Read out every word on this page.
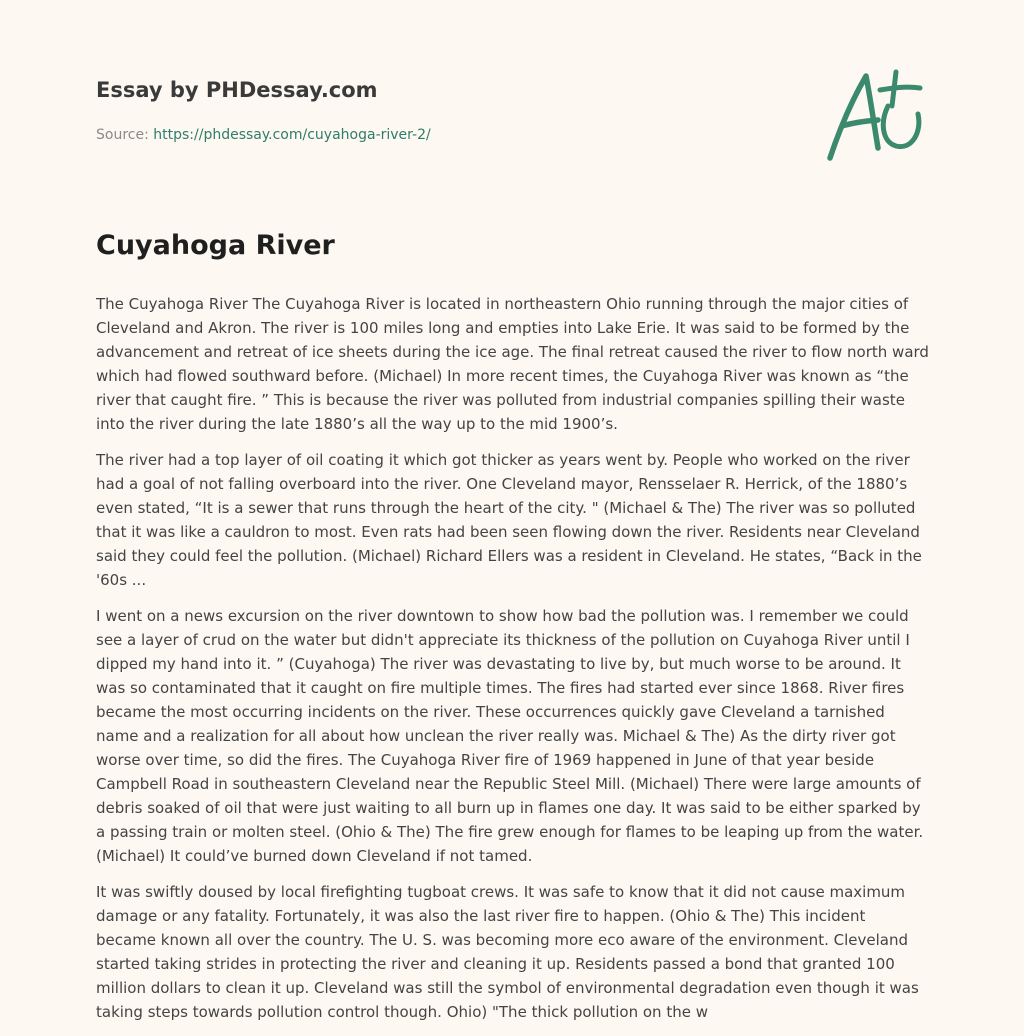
Essay by PHDessay.com
Source: https://phdessay.com/cuyahoga-river-2/
Cuyahoga River

The Cuyahoga River The Cuyahoga River is located in northeastern Ohio running through the major cities of Cleveland and Akron. The river is 100 miles long and empties into Lake Erie. It was said to be formed by the advancement and retreat of ice sheets during the ice age. The final retreat caused the river to flow north ward which had flowed southward before. (Michael) In more recent times, the Cuyahoga River was known as “the river that caught fire. ” This is because the river was polluted from industrial companies spilling their waste into the river during the late 1880’s all the way up to the mid 1900’s.

The river had a top layer of oil coating it which got thicker as years went by. People who worked on the river had a goal of not falling overboard into the river. One Cleveland mayor, Rensselaer R. Herrick, of the 1880’s even stated, “It is a sewer that runs through the heart of the city. " (Michael & The) The river was so polluted that it was like a cauldron to most. Even rats had been seen flowing down the river. Residents near Cleveland said they could feel the pollution. (Michael) Richard Ellers was a resident in Cleveland. He states, “Back in the '60s ...

I went on a news excursion on the river downtown to show how bad the pollution was. I remember we could see a layer of crud on the water but didn't appreciate its thickness of the pollution on Cuyahoga River until I dipped my hand into it. ” (Cuyahoga) The river was devastating to live by, but much worse to be around. It was so contaminated that it caught on fire multiple times. The fires had started ever since 1868. River fires became the most occurring incidents on the river. These occurrences quickly gave Cleveland a tarnished name and a realization for all about how unclean the river really was. Michael & The) As the dirty river got worse over time, so did the fires. The Cuyahoga River fire of 1969 happened in June of that year beside Campbell Road in southeastern Cleveland near the Republic Steel Mill. (Michael) There were large amounts of debris soaked of oil that were just waiting to all burn up in flames one day. It was said to be either sparked by a passing train or molten steel. (Ohio & The) The fire grew enough for flames to be leaping up from the water. (Michael) It could’ve burned down Cleveland if not tamed.

It was swiftly doused by local firefighting tugboat crews. It was safe to know that it did not cause maximum damage or any fatality. Fortunately, it was also the last river fire to happen. (Ohio & The) This incident became known all over the country. The U. S. was becoming more eco aware of the environment. Cleveland started taking strides in protecting the river and cleaning it up. Residents passed a bond that granted 100 million dollars to clean it up. Cleveland was still the symbol of environmental degradation even though it was taking steps towards pollution control though. Ohio) "The thick pollution on the w
